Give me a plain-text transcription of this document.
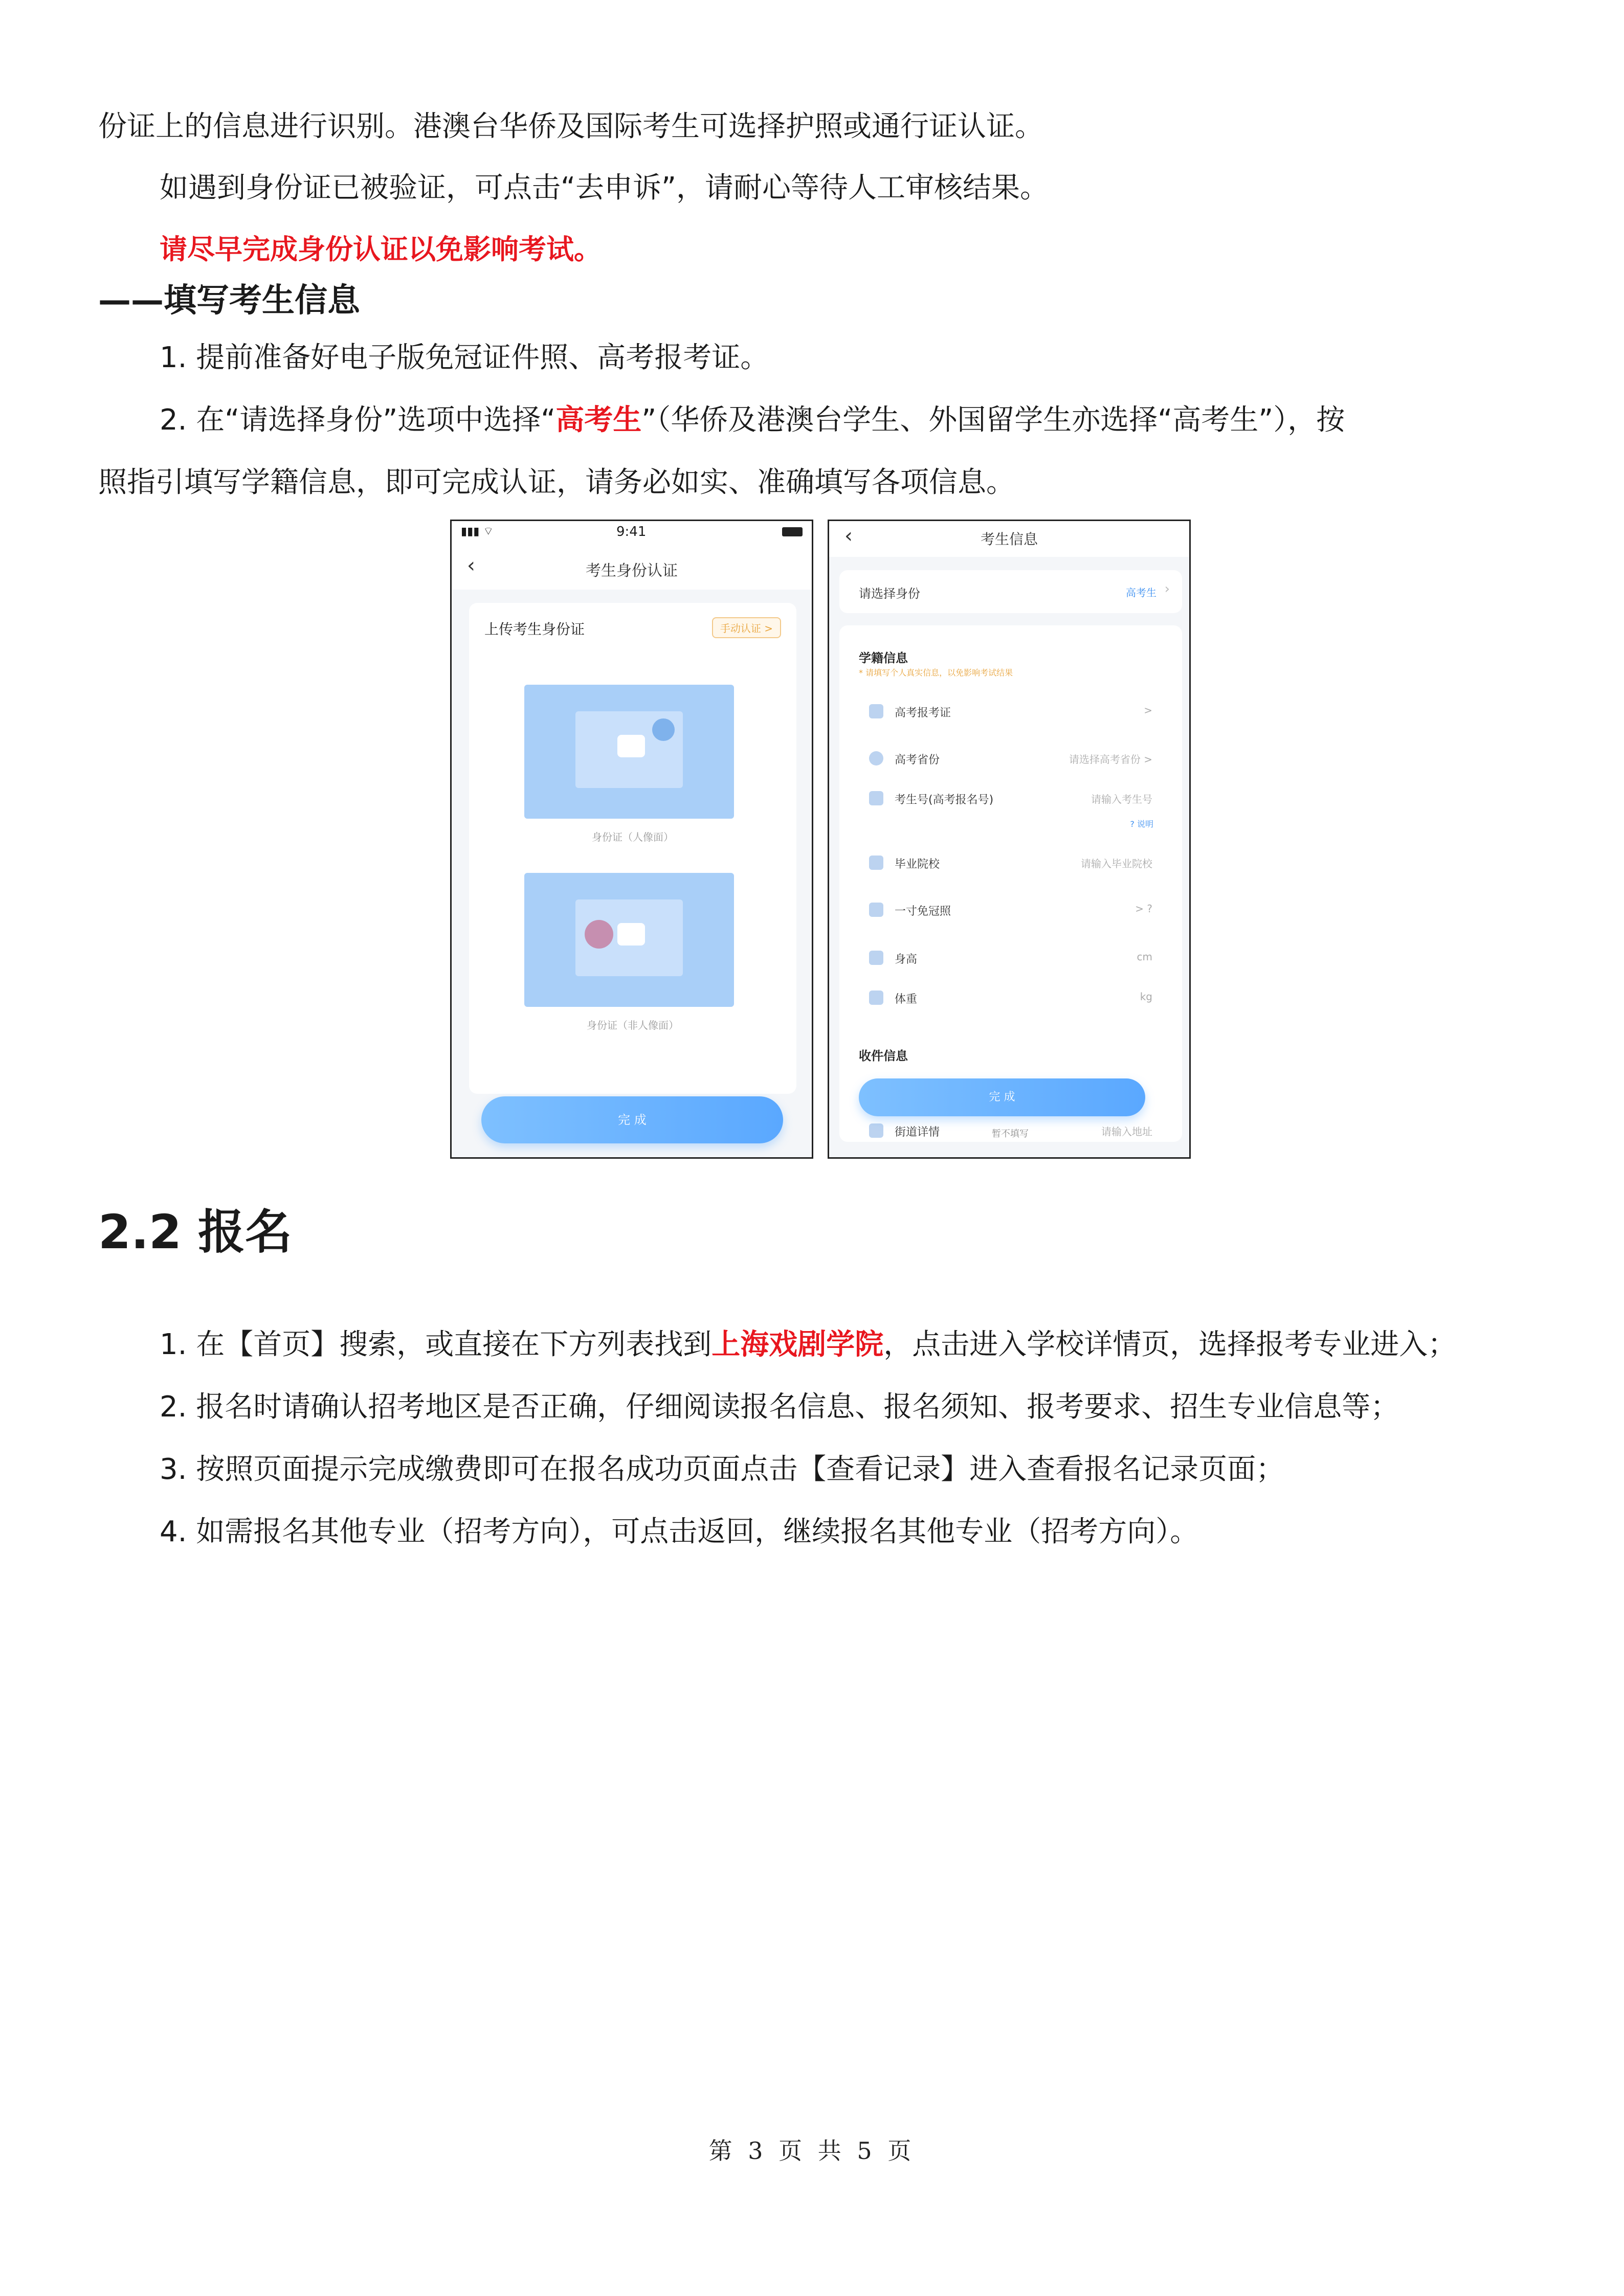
份证上的信息进行识别。港澳台华侨及国际考生可选择护照或通行证认证。
如遇到身份证已被验证，可点击“去申诉”，请耐心等待人工审核结果。
请尽早完成身份认证以免影响考试。
——填写考生信息
1. 提前准备好电子版免冠证件照、高考报考证。
2. 在“请选择身份”选项中选择“高考生”（华侨及港澳台学生、外国留学生亦选择“高考生”），按
照指引填写学籍信息，即可完成认证，请务必如实、准确填写各项信息。
▮▮▮ ⌔	9:41
‹	考生身份认证
上传考生身份证	手动认证 >
身份证（人像面）
身份证（非人像面）
完 成
‹	考生信息
请选择身份	高考生 ›
学籍信息
* 请填写个人真实信息，以免影响考试结果
高考报考证	>
高考省份	请选择高考省份 >
考生号(高考报名号)	请输入考生号
? 说明
毕业院校	请输入毕业院校
一寸免冠照	> ?
身高	cm
体重	kg
收件信息
街道详情	暂不填写	请输入地址
完 成
2.2 报名
1. 在【首页】搜索，或直接在下方列表找到上海戏剧学院，点击进入学校详情页，选择报考专业进入；
2. 报名时请确认招考地区是否正确，仔细阅读报名信息、报名须知、报考要求、招生专业信息等；
3. 按照页面提示完成缴费即可在报名成功页面点击【查看记录】进入查看报名记录页面；
4. 如需报名其他专业（招考方向），可点击返回，继续报名其他专业（招考方向）。
第 3 页 共 5 页
